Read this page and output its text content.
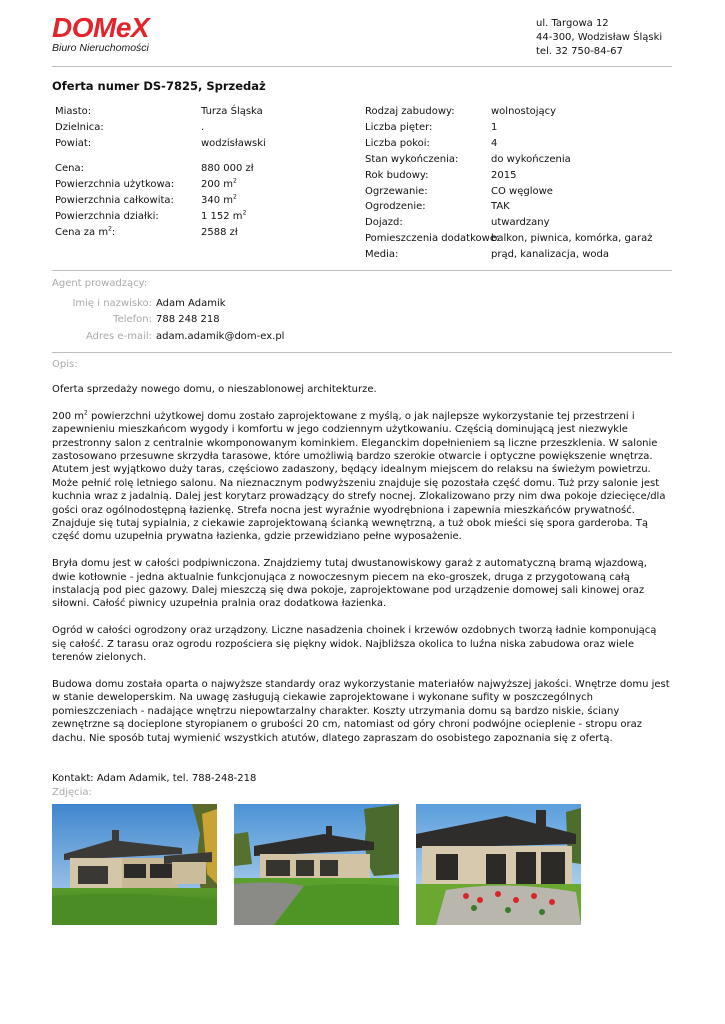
DOMeX
Biuro Nieruchomości
ul. Targowa 12
44-300, Wodzisław Śląski
tel. 32 750-84-67
Oferta numer DS-7825, Sprzedaż
Miasto:	Turza Śląska
Dzielnica:	.
Powiat:	wodzisławski
Cena:	880 000 zł
Powierzchnia użytkowa:	200 $m^2$
Powierzchnia całkowita:	340 $m^2$
Powierzchnia działki:	1 152 $m^2$
Cena za $m^2$:	2588 zł
Rodzaj zabudowy:	wolnostojący
Liczba pięter:	1
Liczba pokoi:	4
Stan wykończenia:	do wykończenia
Rok budowy:	2015
Ogrzewanie:	CO węglowe
Ogrodzenie:	TAK
Dojazd:	utwardzany
Pomieszczenia dodatkowe:
balkon, piwnica, komórka, garaż
Media:	prąd, kanalizacja, woda
Agent prowadzący:
Imię i nazwisko: Adam Adamik
Telefon: 788 248 218
Adres e-mail: adam.adamik@dom-ex.pl
Opis:

Oferta sprzedaży nowego domu, o nieszablonowej architekturze.

200 $m^2$ powierzchni użytkowej domu zostało zaprojektowane z myślą, o jak najlepsze wykorzystanie tej przestrzeni i zapewnieniu mieszkańcom wygody i komfortu w jego codziennym użytkowaniu. Częścią dominującą jest niezwykle przestronny salon z centralnie wkomponowanym kominkiem. Eleganckim dopełnieniem są liczne przeszklenia. W salonie zastosowano przesuwne skrzydła tarasowe, które umożliwią bardzo szerokie otwarcie i optyczne powiększenie wnętrza. Atutem jest wyjątkowo duży taras, częściowo zadaszony, będący idealnym miejscem do relaksu na świeżym powietrzu. Może pełnić rolę letniego salonu. Na nieznacznym podwyższeniu znajduje się pozostała część domu. Tuż przy salonie jest kuchnia wraz z jadalnią. Dalej jest korytarz prowadzący do strefy nocnej. Zlokalizowano przy nim dwa pokoje dziecięce/dla gości oraz ogólnodostępną łazienkę. Strefa nocna jest wyraźnie wyodrębniona i zapewnia mieszkańców prywatność. Znajduje się tutaj sypialnia, z ciekawie zaprojektowaną ścianką wewnętrzną, a tuż obok mieści się spora garderoba. Tą część domu uzupełnia prywatna łazienka, gdzie przewidziano pełne wyposażenie.

Bryła domu jest w całości podpiwniczona. Znajdziemy tutaj dwustanowiskowy garaż z automatyczną bramą wjazdową, dwie kotłownie - jedna aktualnie funkcjonująca z nowoczesnym piecem na eko-groszek, druga z przygotowaną całą instalacją pod piec gazowy. Dalej mieszczą się dwa pokoje, zaprojektowane pod urządzenie domowej sali kinowej oraz siłowni. Całość piwnicy uzupełnia pralnia oraz dodatkowa łazienka.

Ogród w całości ogrodzony oraz urządzony. Liczne nasadzenia choinek i krzewów ozdobnych tworzą ładnie komponującą się całość. Z tarasu oraz ogrodu rozpościera się piękny widok. Najbliższa okolica to luźna niska zabudowa oraz wiele terenów zielonych.

Budowa domu została oparta o najwyższe standardy oraz wykorzystanie materiałów najwyższej jakości. Wnętrze domu jest w stanie deweloperskim. Na uwagę zasługują ciekawie zaprojektowane i wykonane sufity w poszczególnych pomieszczeniach - nadające wnętrzu niepowtarzalny charakter. Koszty utrzymania domu są bardzo niskie, ściany zewnętrzne są docieplone styropianem o grubości 20 cm, natomiast od góry chroni podwójne ocieplenie - stropu oraz dachu. Nie sposób tutaj wymienić wszystkich atutów, dlatego zapraszam do osobistego zapoznania się z ofertą.

Kontakt: Adam Adamik, tel. 788-248-218

Zdjęcia:
